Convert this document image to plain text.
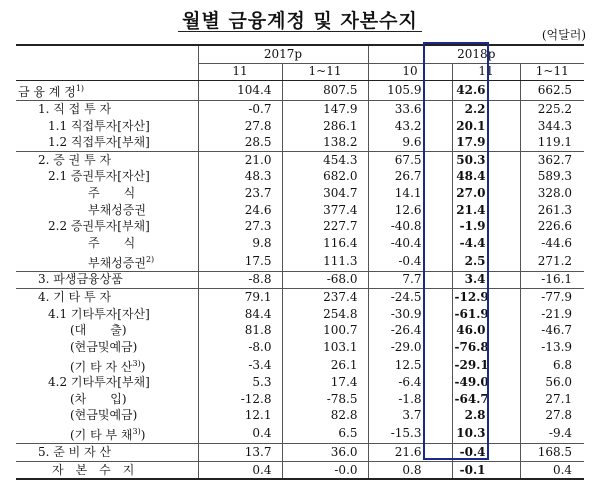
월별 금융계정 및 자본수지
(억달러)
	2017p		2018p		
	11	1~11	10	11	1~11
금 융 계 정$^{1)}$	104.4	807.5	105.9	42.6	662.5
1. 직 접 투 자	-0.7	147.9	33.6	2.2	225.2
1.1 직접투자[자산]	27.8	286.1	43.2	20.1	344.3
1.2 직접투자[부채]	28.5	138.2	9.6	17.9	119.1
2. 증 권 투 자	21.0	454.3	67.5	50.3	362.7
2.1 증권투자[자산]	48.3	682.0	26.7	48.4	589.3
주　　식	23.7	304.7	14.1	27.0	328.0
부채성증권	24.6	377.4	12.6	21.4	261.3
2.2 증권투자[부채]	27.3	227.7	-40.8	-1.9	226.6
주　　식	9.8	116.4	-40.4	-4.4	-44.6
부채성증권$^{2)}$	17.5	111.3	-0.4	2.5	271.2
3. 파생금융상품	-8.8	-68.0	7.7	3.4	-16.1
4. 기 타 투 자	79.1	237.4	-24.5	-12.9	-77.9
4.1 기타투자[자산]	84.4	254.8	-30.9	-61.9	-21.9
(대　　출)	81.8	100.7	-26.4	46.0	-46.7
(현금및예금)	-8.0	103.1	-29.0	-76.8	-13.9
(기 타 자 산$^{3)}$)	-3.4	26.1	12.5	-29.1	6.8
4.2 기타투자[부채]	5.3	17.4	-6.4	-49.0	56.0
(차　　입)	-12.8	-78.5	-1.8	-64.7	27.1
(현금및예금)	12.1	82.8	3.7	2.8	27.8
(기 타 부 채$^{3)}$)	0.4	6.5	-15.3	10.3	-9.4
5. 준 비 자 산	13.7	36.0	21.6	-0.4	168.5
자　본　수　지	0.4	-0.0	0.8	-0.1	0.4
